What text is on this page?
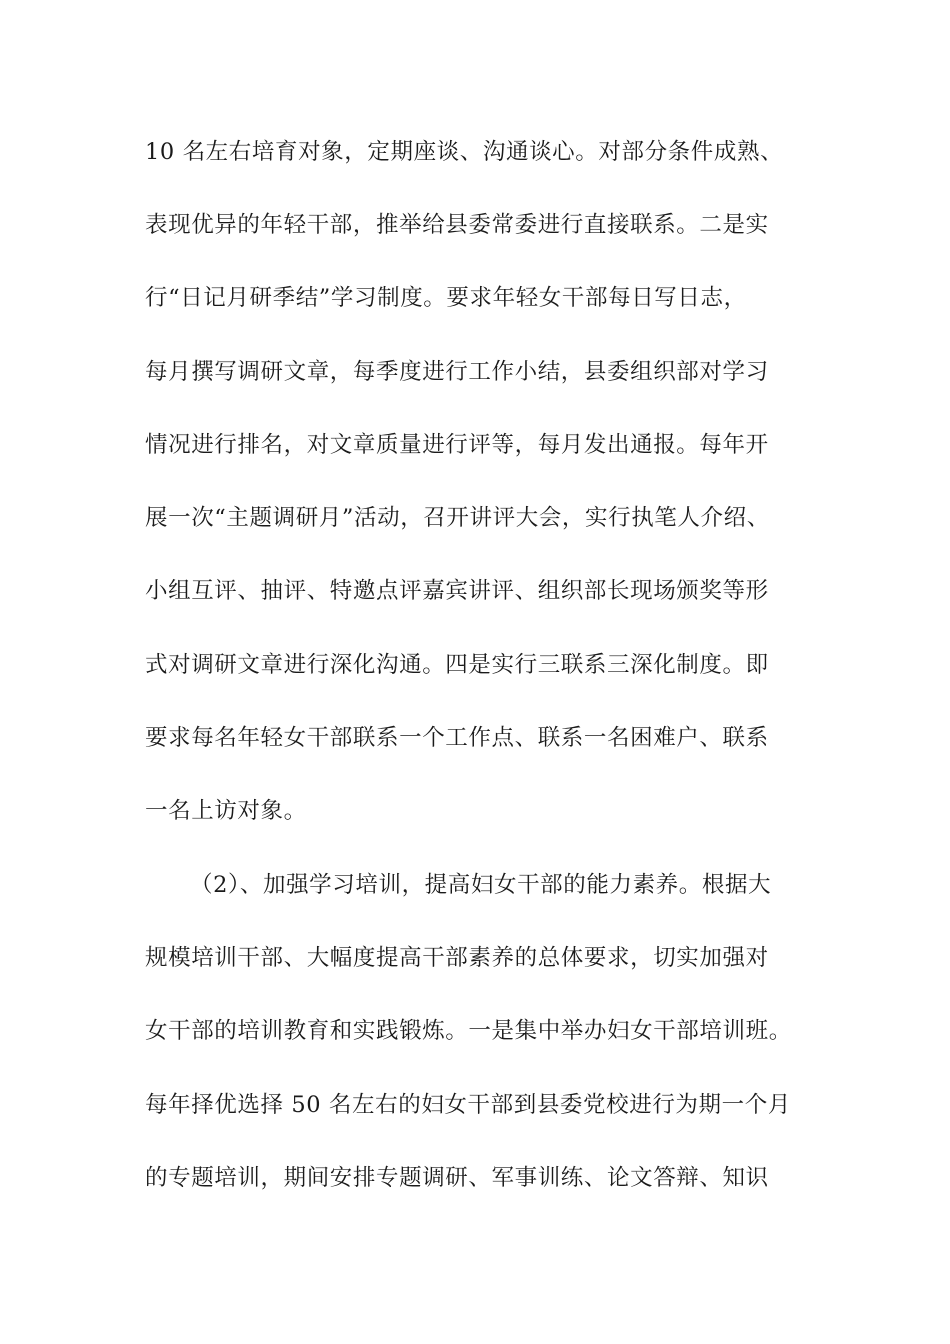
10 名左右培育对象，定期座谈、沟通谈心。对部分条件成熟、
表现优异的年轻干部，推举给县委常委进行直接联系。二是实
行“日记月研季结”学习制度。要求年轻女干部每日写日志，
每月撰写调研文章，每季度进行工作小结，县委组织部对学习
情况进行排名，对文章质量进行评等，每月发出通报。每年开
展一次“主题调研月”活动，召开讲评大会，实行执笔人介绍、
小组互评、抽评、特邀点评嘉宾讲评、组织部长现场颁奖等形
式对调研文章进行深化沟通。四是实行三联系三深化制度。即
要求每名年轻女干部联系一个工作点、联系一名困难户、联系
一名上访对象。
（2）、加强学习培训，提高妇女干部的能力素养。根据大
规模培训干部、大幅度提高干部素养的总体要求，切实加强对
女干部的培训教育和实践锻炼。一是集中举办妇女干部培训班。
每年择优选择 50 名左右的妇女干部到县委党校进行为期一个月
的专题培训，期间安排专题调研、军事训练、论文答辩、知识
